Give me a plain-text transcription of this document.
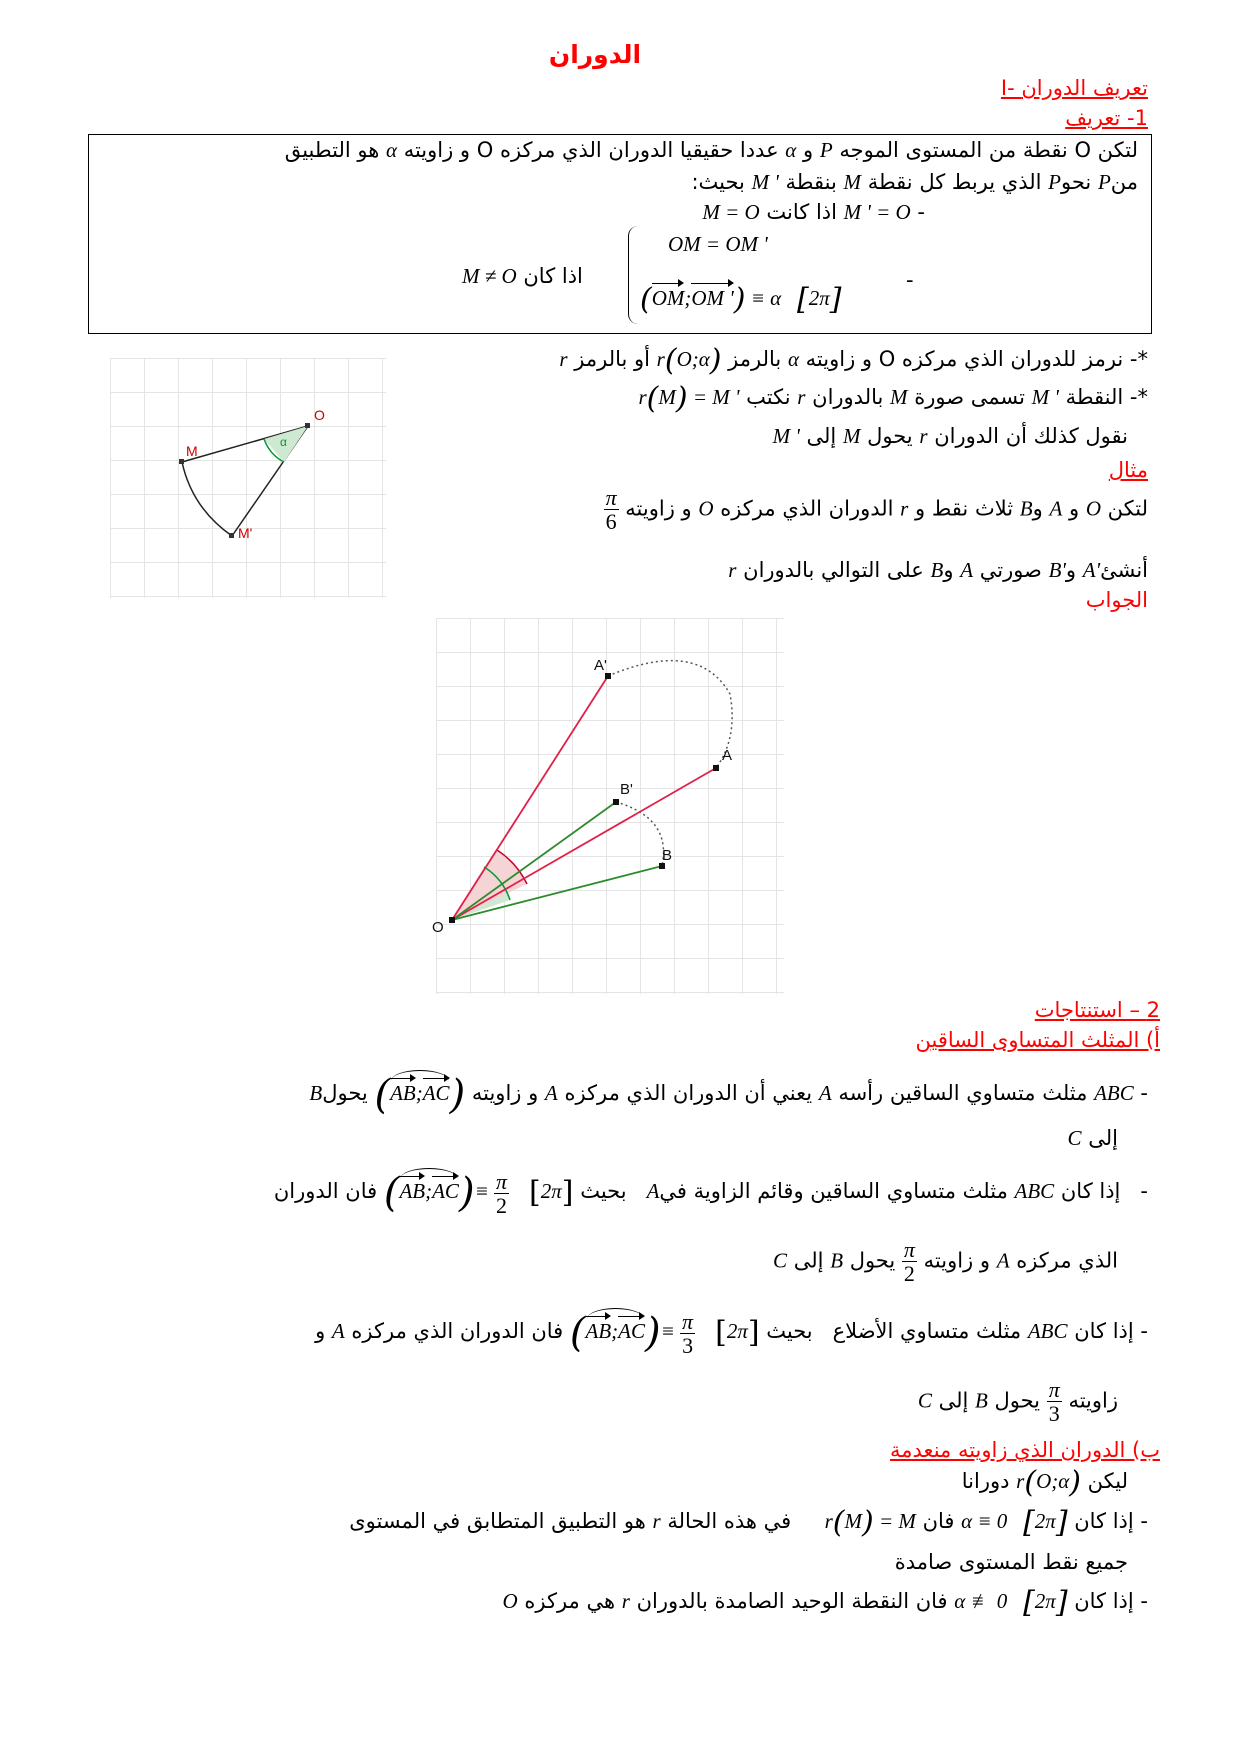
الدوران
I- تعريف الدوران
1- تعريف
لتكن O نقطة من المستوى الموجه P و α عددا حقيقيا الدوران الذي مركزه O و زاويته α هو التطبيق
منP نحوP الذي يربط كل نقطة M بنقطة M ' بحيث:
- M ' = O اذا كانت M = O
OM = OM '
(OM;OM ') ≡ α   [2π]
-
اذا كان M ≠ O
*- نرمز للدوران الذي مركزه O و زاويته α بالرمز r(O;α) أو بالرمز r
*- النقطة M ' تسمى صورة M بالدوران r نكتب r(M) = M '
نقول كذلك أن الدوران r يحول M إلى M '
O
M
M'
α
مثال
لتكن O و A وB ثلاث نقط و r الدوران الذي مركزه O و زاويته
$\frac{\pi}{6}$
أنشئA' وB' صورتي A وB على التوالي بالدوران r
الجواب
O
A
A'
B
B'
2 – استنتاجات
أ) المثلث المتساوى الساقين
- ABC مثلث متساوي الساقين رأسه A يعني أن الدوران الذي مركزه A و زاويته (AB;AC) يحولB
إلى C
-   إذا كان ABC مثلث متساوي الساقين وقائم الزاوية فيA   بحيث [2π]   (AB;AC)≡ $\frac{\pi}{2}$
فان الدوران
الذي مركزه A و زاويته
$\frac{\pi}{2}$
يحول B إلى C
- إذا كان ABC مثلث متساوي الأضلاع   بحيث [2π]   (AB;AC)≡ $\frac{\pi}{3}$
فان الدوران الذي مركزه A و
زاويته
$\frac{\pi}{3}$
يحول B إلى C
ب) الدوران الذي زاويته منعدمة
ليكن r(O;α) دورانا
- إذا كان α ≡ 0   [2π] فان r(M) = M     في هذه الحالة r هو التطبيق المتطابق في المستوى
جميع نقط المستوى صامدة
- إذا كان α ≢ 0   [2π] فان النقطة الوحيد الصامدة بالدوران r هي مركزه O
